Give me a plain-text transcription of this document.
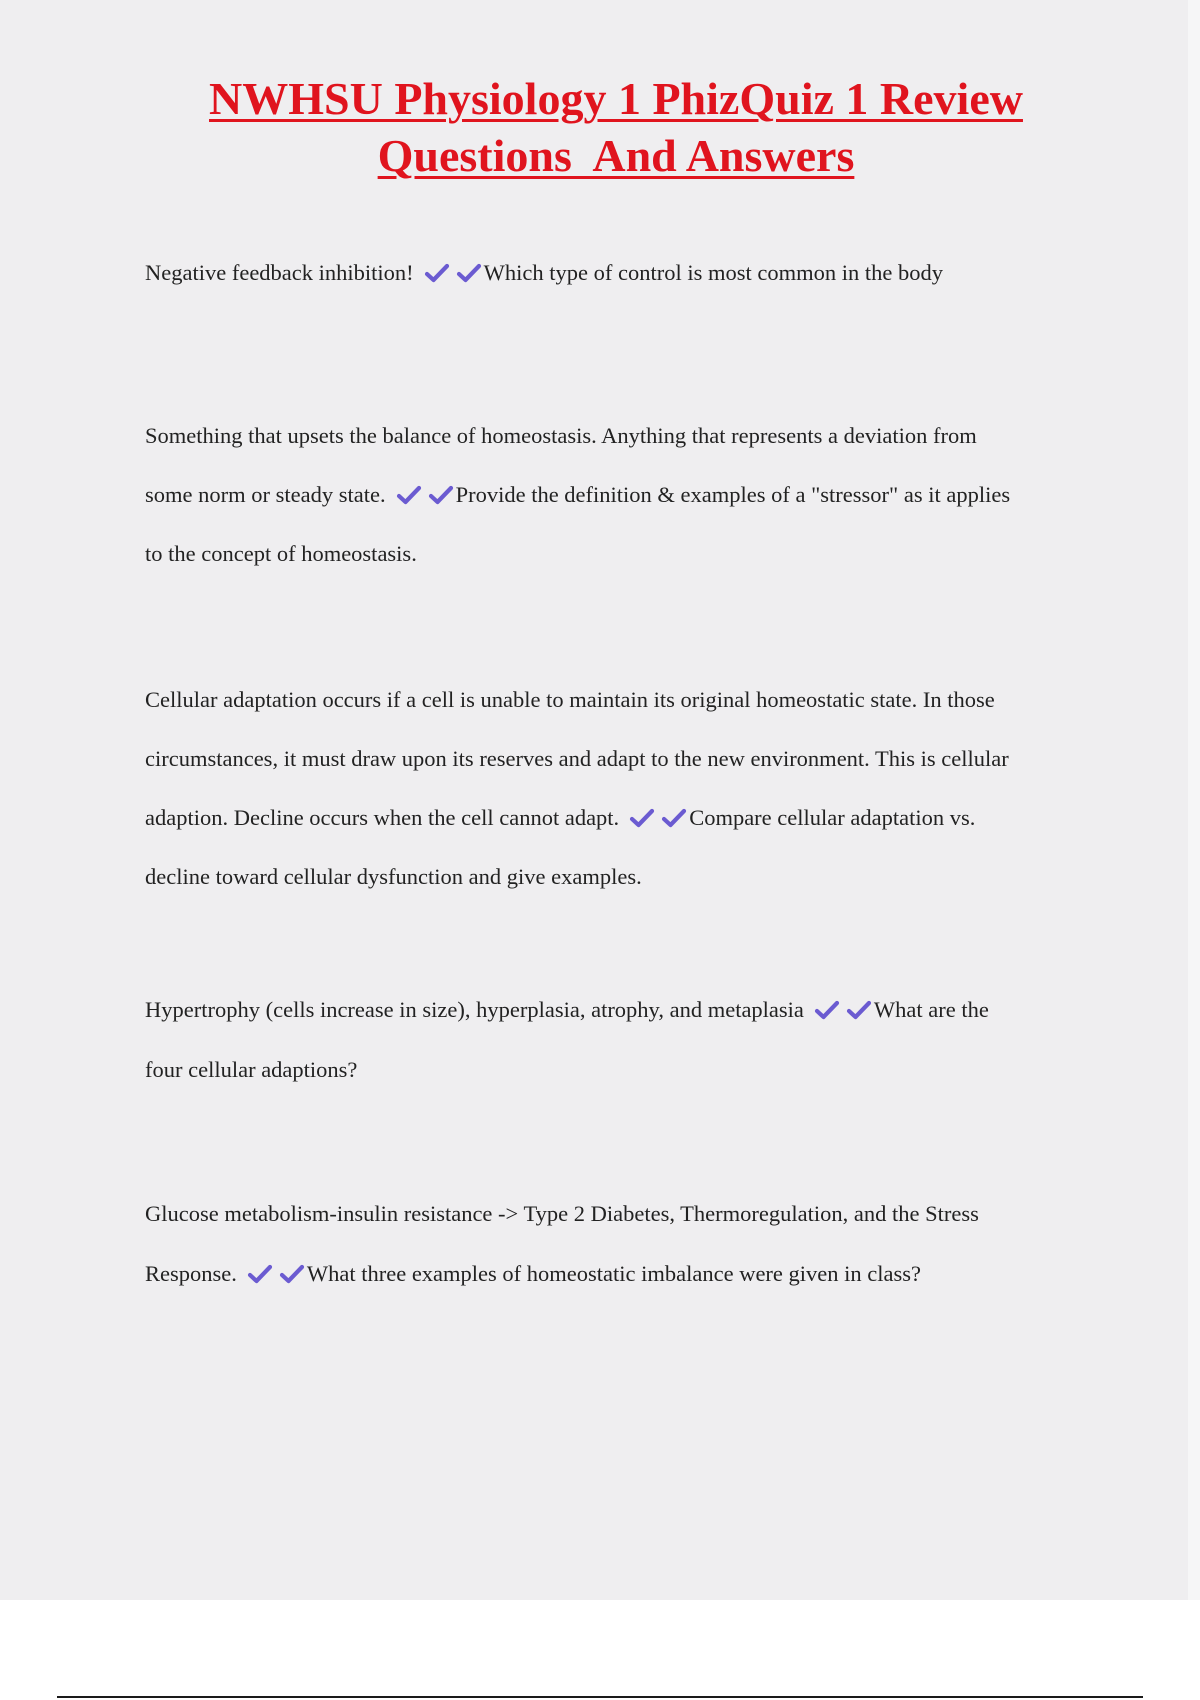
NWHSU Physiology 1 PhizQuiz 1 Review
Questions  And Answers

Negative feedback inhibition!	Which type of control is most common in the body

Something that upsets the balance of homeostasis. Anything that represents a deviation from
some norm or steady state.	Provide the definition & examples of a "stressor" as it applies
to the concept of homeostasis.

Cellular adaptation occurs if a cell is unable to maintain its original homeostatic state. In those
circumstances, it must draw upon its reserves and adapt to the new environment. This is cellular
adaption. Decline occurs when the cell cannot adapt.	Compare cellular adaptation vs.
decline toward cellular dysfunction and give examples.

Hypertrophy (cells increase in size), hyperplasia, atrophy, and metaplasia	What are the
four cellular adaptions?

Glucose metabolism-insulin resistance -> Type 2 Diabetes, Thermoregulation, and the Stress
Response.	What three examples of homeostatic imbalance were given in class?
